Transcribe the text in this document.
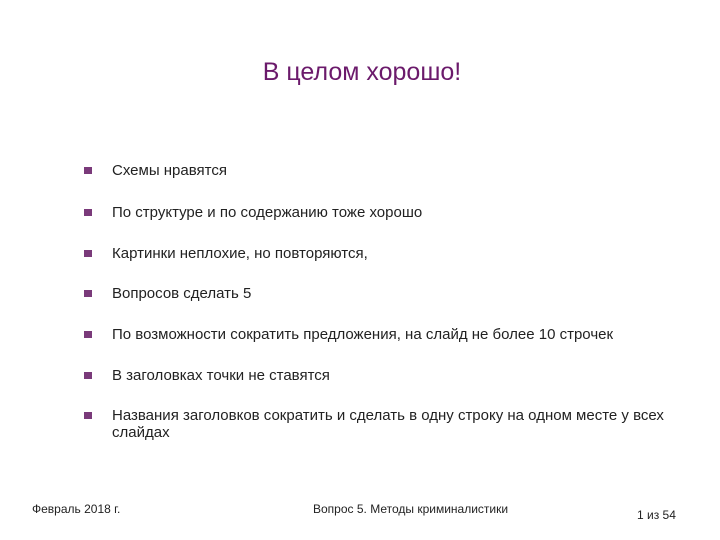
В целом хорошо!
Схемы нравятся
По структуре и по содержанию тоже хорошо
Картинки неплохие, но повторяются,
Вопросов сделать 5
По возможности сократить предложения, на слайд не более 10 строчек
В заголовках точки не ставятся
Названия заголовков сократить и сделать в одну строку на одном месте у всех слайдах
Февраль 2018 г.	Вопрос 5. Методы криминалистики	1 из 54
